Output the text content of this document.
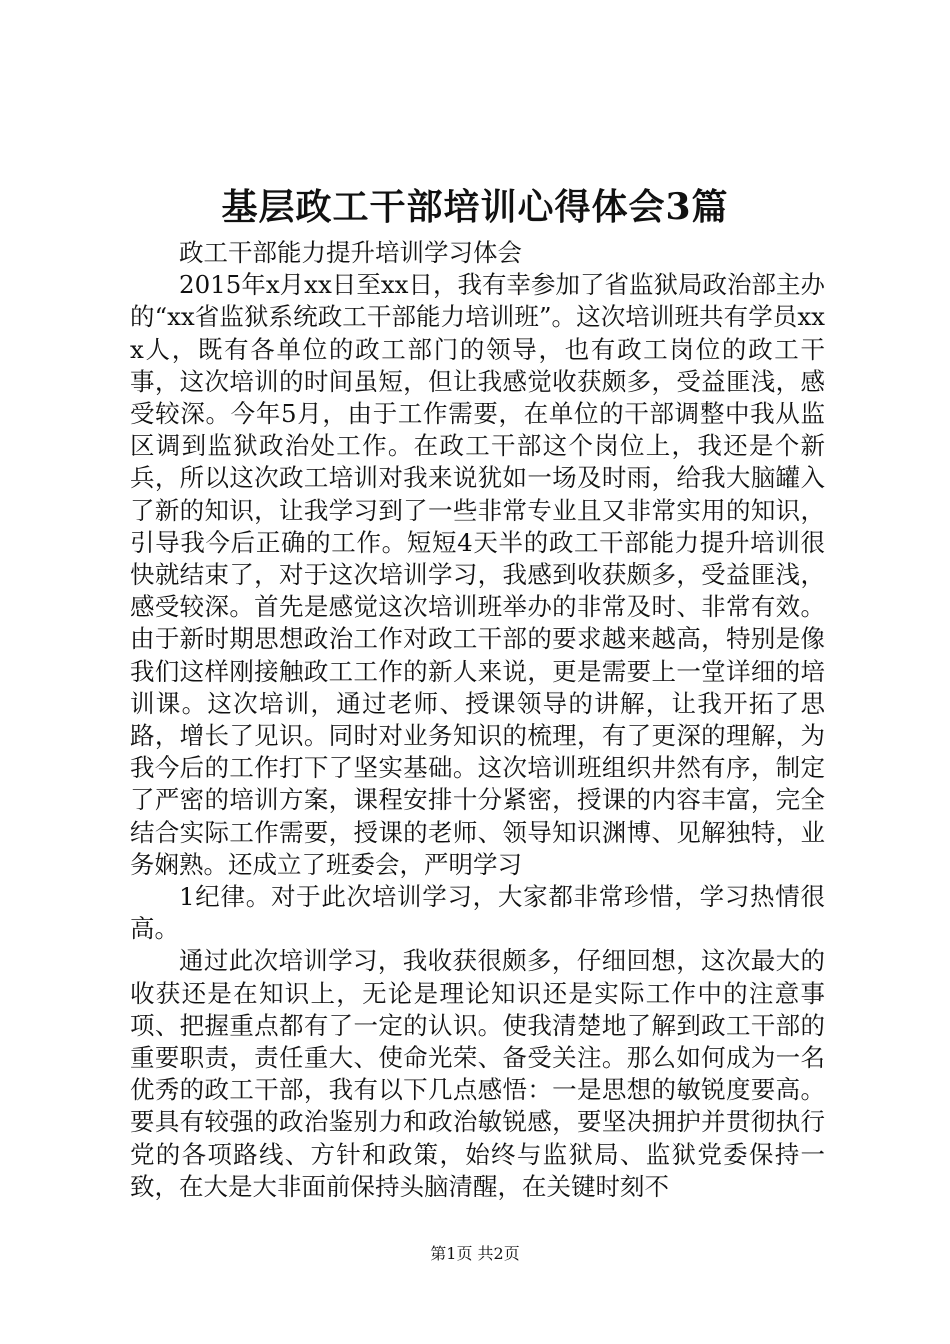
基层政工干部培训心得体会3篇

政工干部能力提升培训学习体会

2015年x月xx日至xx日，我有幸参加了省监狱局政治部主办的“xx省监狱系统政工干部能力培训班”。这次培训班共有学员xxx人，既有各单位的政工部门的领导，也有政工岗位的政工干事，这次培训的时间虽短，但让我感觉收获颇多，受益匪浅，感受较深。今年5月，由于工作需要，在单位的干部调整中我从监区调到监狱政治处工作。在政工干部这个岗位上，我还是个新兵，所以这次政工培训对我来说犹如一场及时雨，给我大脑罐入了新的知识，让我学习到了一些非常专业且又非常实用的知识，引导我今后正确的工作。短短4天半的政工干部能力提升培训很快就结束了，对于这次培训学习，我感到收获颇多，受益匪浅，感受较深。首先是感觉这次培训班举办的非常及时、非常有效。由于新时期思想政治工作对政工干部的要求越来越高，特别是像我们这样刚接触政工工作的新人来说，更是需要上一堂详细的培训课。这次培训，通过老师、授课领导的讲解，让我开拓了思路，增长了见识。同时对业务知识的梳理，有了更深的理解，为我今后的工作打下了坚实基础。这次培训班组织井然有序，制定了严密的培训方案，课程安排十分紧密，授课的内容丰富，完全结合实际工作需要，授课的老师、领导知识渊博、见解独特，业务娴熟。还成立了班委会，严明学习

1纪律。对于此次培训学习，大家都非常珍惜，学习热情很高。

通过此次培训学习，我收获很颇多，仔细回想，这次最大的收获还是在知识上，无论是理论知识还是实际工作中的注意事项、把握重点都有了一定的认识。使我清楚地了解到政工干部的重要职责，责任重大、使命光荣、备受关注。那么如何成为一名优秀的政工干部，我有以下几点感悟：一是思想的敏锐度要高。要具有较强的政治鉴别力和政治敏锐感，要坚决拥护并贯彻执行党的各项路线、方针和政策，始终与监狱局、监狱党委保持一致，在大是大非面前保持头脑清醒，在关键时刻不

第1页 共2页
